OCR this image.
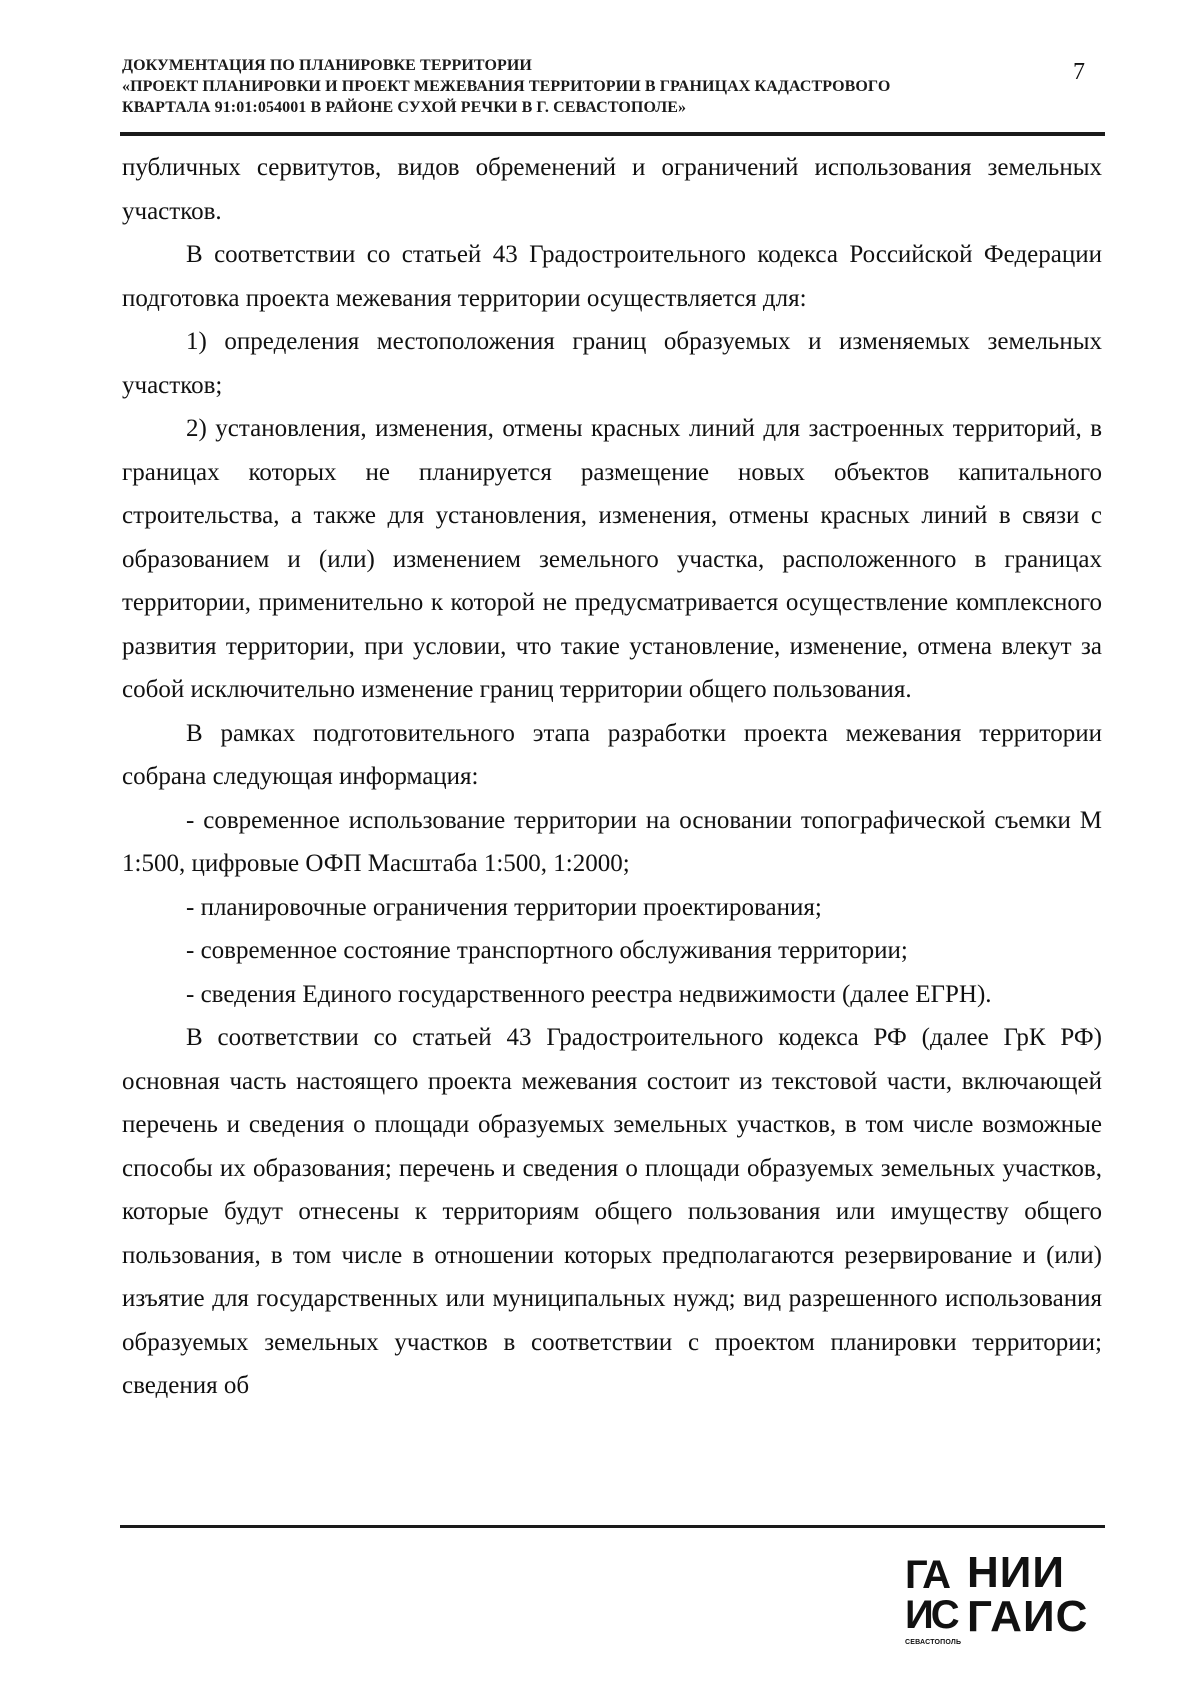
ДОКУМЕНТАЦИЯ ПО ПЛАНИРОВКЕ ТЕРРИТОРИИ
«ПРОЕКТ ПЛАНИРОВКИ И ПРОЕКТ МЕЖЕВАНИЯ ТЕРРИТОРИИ В ГРАНИЦАХ КАДАСТРОВОГО
КВАРТАЛА 91:01:054001 В РАЙОНЕ СУХОЙ РЕЧКИ В Г. СЕВАСТОПОЛЕ»
7

публичных сервитутов, видов обременений и ограничений использования земельных участков.

В соответствии со статьей 43 Градостроительного кодекса Российской Федерации подготовка проекта межевания территории осуществляется для:

1) определения местоположения границ образуемых и изменяемых земельных участков;

2) установления, изменения, отмены красных линий для застроенных территорий, в границах которых не планируется размещение новых объектов капитального строительства, а также для установления, изменения, отмены красных линий в связи с образованием и (или) изменением земельного участка, расположенного в границах территории, применительно к которой не предусматривается осуществление комплексного развития территории, при условии, что такие установление, изменение, отмена влекут за собой исключительно изменение границ территории общего пользования.

В рамках подготовительного этапа разработки проекта межевания территории собрана следующая информация:

- современное использование территории на основании топографической съемки М 1:500, цифровые ОФП Масштаба 1:500, 1:2000;

- планировочные ограничения территории проектирования;

- современное состояние транспортного обслуживания территории;

- сведения Единого государственного реестра недвижимости (далее ЕГРН).

В соответствии со статьей 43 Градостроительного кодекса РФ (далее ГрК РФ) основная часть настоящего проекта межевания состоит из текстовой части, включающей перечень и сведения о площади образуемых земельных участков, в том числе возможные способы их образования; перечень и сведения о площади образуемых земельных участков, которые будут отнесены к территориям общего пользования или имуществу общего пользования, в том числе в отношении которых предполагаются резервирование и (или) изъятие для государственных или муниципальных нужд; вид разрешенного использования образуемых земельных участков в соответствии с проектом планировки территории; сведения об

ГА
ИС
СЕВАСТОПОЛЬ
НИИ
ГАИС
